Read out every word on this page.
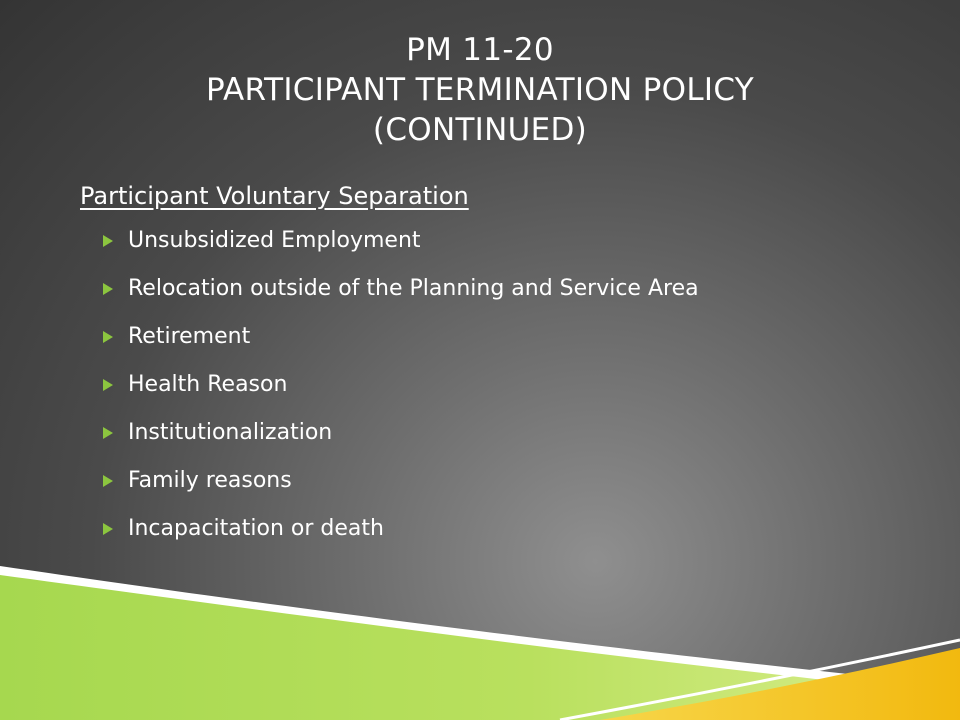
PM 11-20
PARTICIPANT TERMINATION POLICY
(CONTINUED)
Participant Voluntary Separation
Unsubsidized Employment
Relocation outside of the Planning and Service Area
Retirement
Health Reason
Institutionalization
Family reasons
Incapacitation or death
